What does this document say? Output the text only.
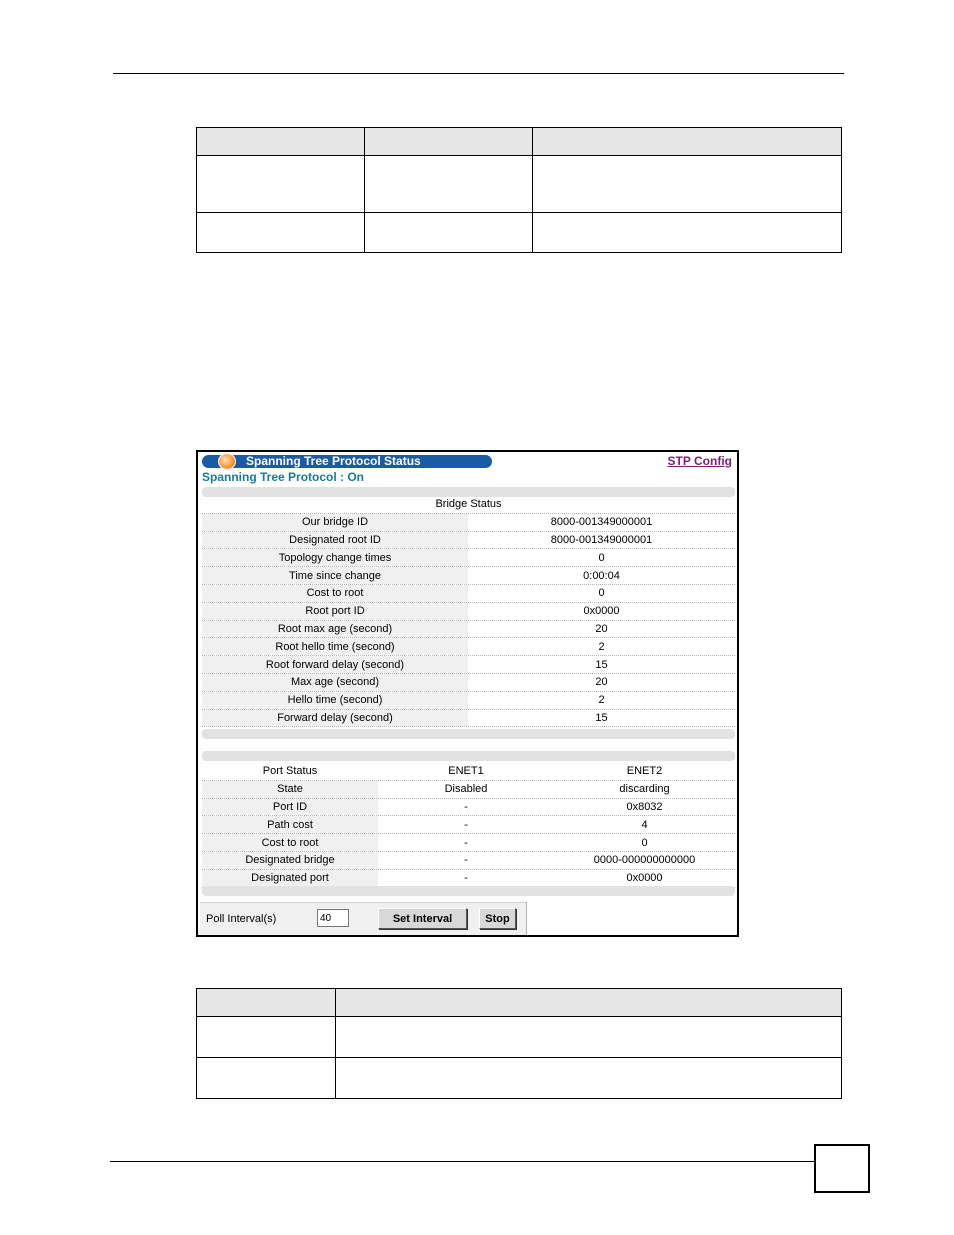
Spanning Tree Protocol Status	STP Config
Spanning Tree Protocol : On
Bridge Status
Our bridge ID	8000-001349000001
Designated root ID	8000-001349000001
Topology change times	0
Time since change	0:00:04
Cost to root	0
Root port ID	0x0000
Root max age (second)	20
Root hello time (second)	2
Root forward delay (second)	15
Max age (second)	20
Hello time (second)	2
Forward delay (second)	15
Port Status	ENET1	ENET2
State	Disabled	discarding
Port ID	-	0x8032
Path cost	-	4
Cost to root	-	0
Designated bridge	-	0000-000000000000
Designated port	-	0x0000
Poll Interval(s)
40	Set Interval	Stop
